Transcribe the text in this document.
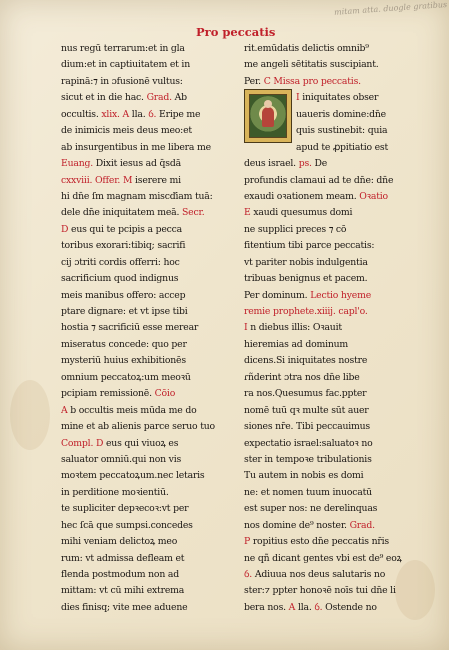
mitam atta. duogle gratibus
Pro peccatis
nus regū terrarum:et in gla
dium:et in captiuitatem et in
rapinā:⁊ in ɔfusionē vultus:
sicut et in die hac. Grad. Ab
occultis. xlix. A lla. ỽ. Eripe me
de inimicis meis deus meo:et
ab insurgentibus in me libera me
Euang. Dixit iesus ad q̄sdā
cxxviii. Offer. M iserere mi
hi dn̄e ſm magnam miscďiam tuā:
dele dn̄e iniquitatem meā. Secr.
D eus qui te pcipis a pecca
toribus exorari:tibiq; sacrifi
cij ɔtriti cordis offerri: hoc
sacrificium quod indignus
meis manibus offero: accep
ptare dignare: et vt ipse tibi
hostia ⁊ sacrificiū esse merear
miseratus concede: quo per
mysteriū huius exhibitionēs
omnium peccatoꝝ:um meoꝛū
pcipiam remissionē. Cōio
A b occultis meis mūda me do
mine et ab alienis parce seruo tuo
Compl. D eus qui viuoꝝ es
saluator omniū.qui non vis
moꝛtem peccatoꝝum.nec letaris
in perditione moꝛientiū.
te supliciter depꝛecoꝛ:vt per
hec ſcā que sumpsi.concedes
mihi veniam delictoꝝ meo
rum: vt admissa defleam et
flenda postmodum non ad
mittam: vt cū mihi extrema
dies finisq; vite mee aduene
rit.emūdatis delictis omnib⁹
me angeli sētitatis suscipiant.
Per. C Missa pro peccatis.
I iniquitates obser
uaueris domine:dn̄e
quis sustinebit: quia
apud te ꝓpitiatio est
deus israel. ps. De
profundis clamaui ad te dn̄e: dn̄e
exaudi oꝛationem meam. Oꝛatio
E xaudi quesumus domi
ne supplici preces ⁊ cō
fitentium tibi parce peccatis:
vt pariter nobis indulgentia
tribuas benignus et pacem.
Per dominum. Lectio hyeme
remie prophete.xiiij. capl'o.
I n diebus illis: Oꝛauit
hieremias ad dominum
dicens.Si iniquitates nostre
ɾñderint ɔtra nos dn̄e libe
ra nos.Quesumus fac.ppter
nomē tuū qꝛ multe sūt auer
siones nr̄e. Tibi peccauimus
expectatio israel:saluatoꝛ no
ster in tempoꝛe tribulationis
Tu autem in nobis es domi
ne: et nomen tuum inuocatū
est super nos: ne derelinquas
nos domine de⁹ noster. Grad.
P ropitius esto dn̄e peccatis nr̄is
ne qñ dicant gentes vbi est de⁹ eoꝝ
ỽ. Adiuua nos deus salutaris no
ster:⁊ ppter honoꝛē noīs tui dn̄e li
bera nos. A lla. ỽ. Ostende no
